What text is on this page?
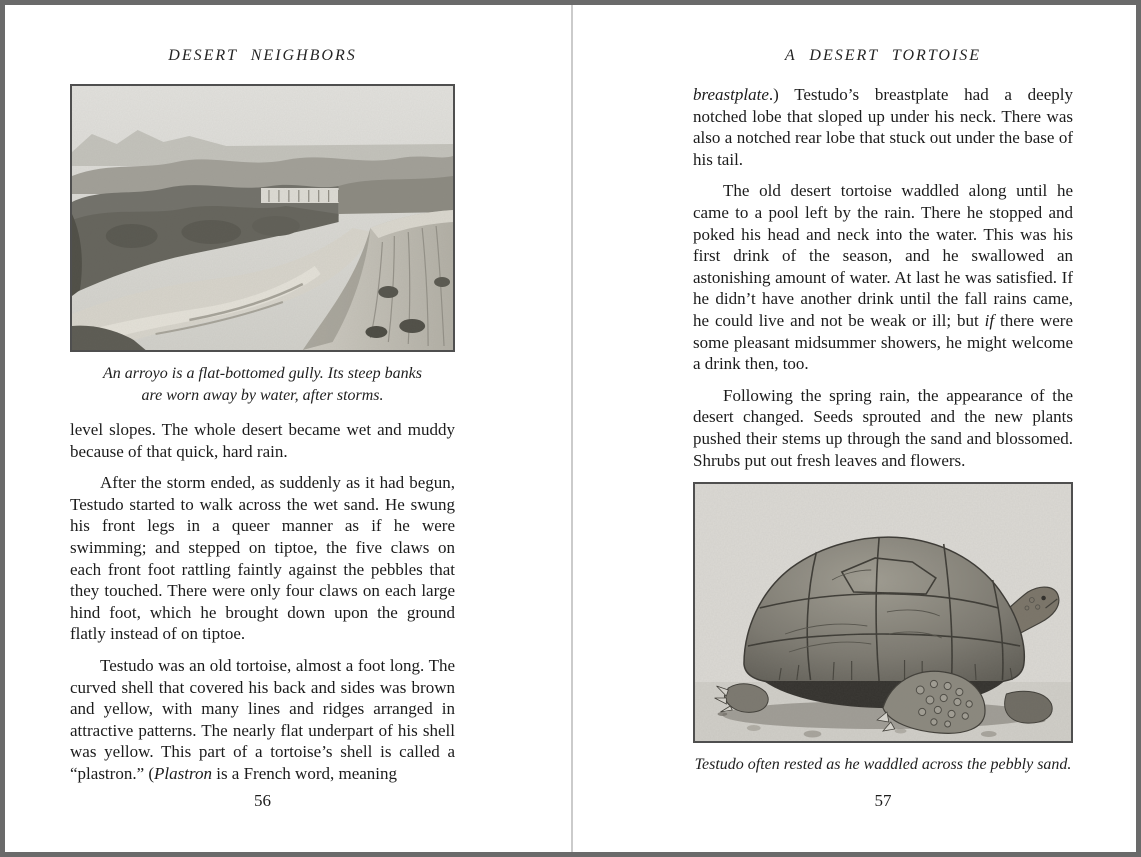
DESERT NEIGHBORS
An arroyo is a flat-bottomed gully. Its steep banks
are worn away by water, after storms.

level slopes. The whole desert became wet and muddy because of that quick, hard rain.

After the storm ended, as suddenly as it had begun, Testudo started to walk across the wet sand. He swung his front legs in a queer manner as if he were swimming; and stepped on tiptoe, the five claws on each front foot rattling faintly against the pebbles that they touched. There were only four claws on each large hind foot, which he brought down upon the ground flatly instead of on tiptoe.

Testudo was an old tortoise, almost a foot long. The curved shell that covered his back and sides was brown and yellow, with many lines and ridges arranged in attractive patterns. The nearly flat underpart of his shell was yellow. This part of a tortoise’s shell is called a “plastron.” (Plastron is a French word, meaning

56
A DESERT TORTOISE

breastplate.) Testudo’s breastplate had a deeply notched lobe that sloped up under his neck. There was also a notched rear lobe that stuck out under the base of his tail.

The old desert tortoise waddled along until he came to a pool left by the rain. There he stopped and poked his head and neck into the water. This was his first drink of the season, and he swallowed an astonishing amount of water. At last he was satisfied. If he didn’t have another drink until the fall rains came, he could live and not be weak or ill; but if there were some pleasant midsummer showers, he might welcome a drink then, too.

Following the spring rain, the appearance of the desert changed. Seeds sprouted and the new plants pushed their stems up through the sand and blossomed. Shrubs put out fresh leaves and flowers.

Testudo often rested as he waddled across the pebbly sand.
57
